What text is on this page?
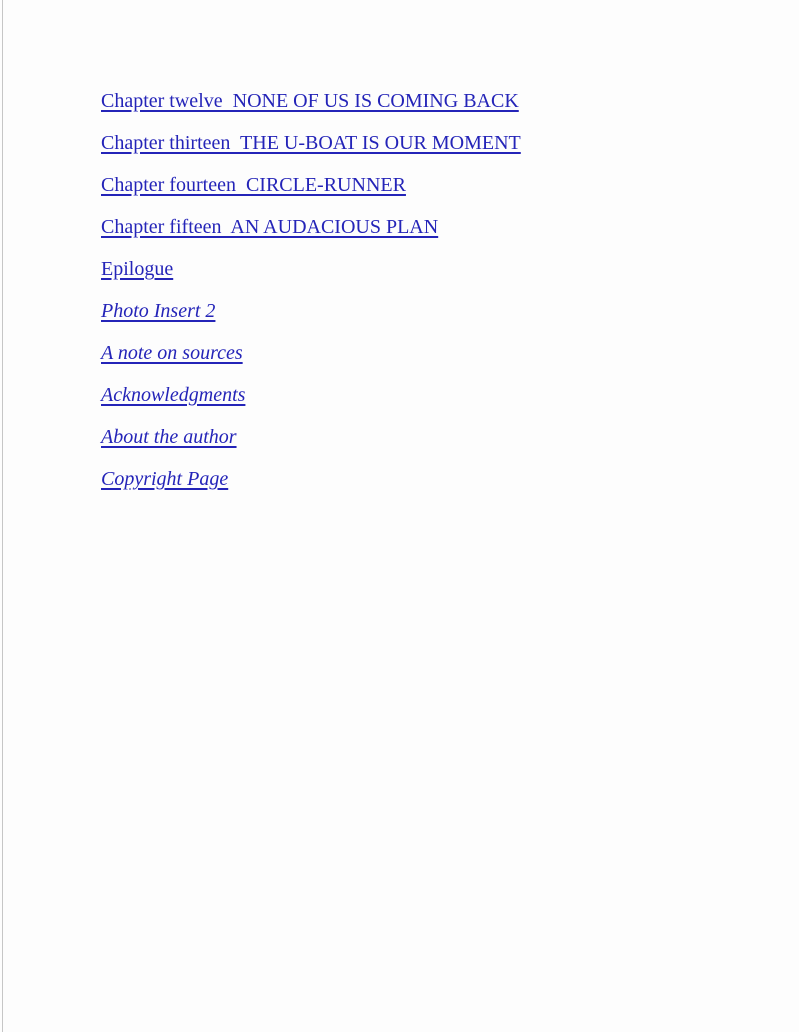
Chapter twelve  NONE OF US IS COMING BACK
Chapter thirteen  THE U-BOAT IS OUR MOMENT
Chapter fourteen  CIRCLE-RUNNER
Chapter fifteen  AN AUDACIOUS PLAN
Epilogue
Photo Insert 2
A note on sources
Acknowledgments
About the author
Copyright Page
